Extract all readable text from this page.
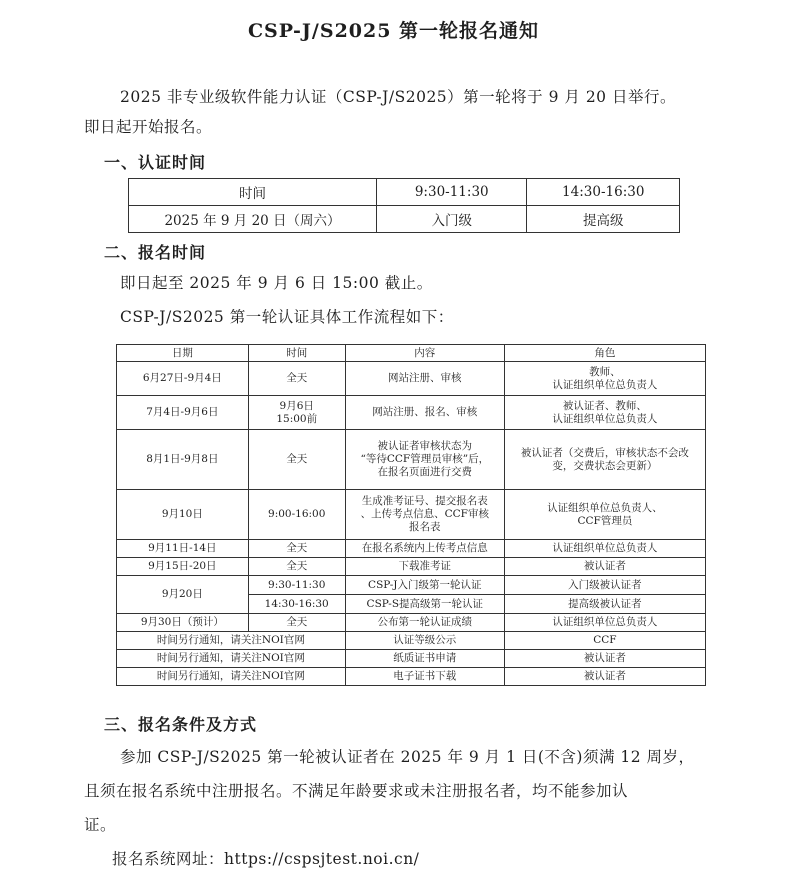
CSP-J/S2025 第一轮报名通知
2025 非专业级软件能力认证（CSP-J/S2025）第一轮将于 9 月 20 日举行。
即日起开始报名。
一、认证时间
时间	9:30-11:30	14:30-16:30
2025 年 9 月 20 日（周六）	入门级	提高级
二、报名时间
即日起至 2025 年 9 月 6 日 15:00 截止。
CSP-J/S2025 第一轮认证具体工作流程如下：
日期	时间	内容	角色
6月27日-9月4日	全天	网站注册、审核	教师、
认证组织单位总负责人
7月4日-9月6日	9月6日
15:00前	网站注册、报名、审核	被认证者、教师、
认证组织单位总负责人
8月1日-9月8日	全天	被认证者审核状态为
“等待CCF管理员审核”后，
在报名页面进行交费	被认证者（交费后，审核状态不会改
变，交费状态会更新）
9月10日	9:00-16:00	生成准考证号、提交报名表
、上传考点信息、CCF审核
报名表	认证组织单位总负责人、
CCF管理员
9月11日-14日	全天	在报名系统内上传考点信息	认证组织单位总负责人
9月15日-20日	全天	下载准考证	被认证者
9月20日	9:30-11:30	CSP-J入门级第一轮认证	入门级被认证者
	14:30-16:30	CSP-S提高级第一轮认证	提高级被认证者
9月30日（预计）	全天	公布第一轮认证成绩	认证组织单位总负责人
时间另行通知，请关注NOI官网		认证等级公示	CCF
时间另行通知，请关注NOI官网		纸质证书申请	被认证者
时间另行通知，请关注NOI官网		电子证书下载	被认证者
三、报名条件及方式
参加 CSP-J/S2025 第一轮被认证者在 2025 年 9 月 1 日(不含)须满 12 周岁，
且须在报名系统中注册报名。不满足年龄要求或未注册报名者，均不能参加认
证。
报名系统网址：https://cspsjtest.noi.cn/
